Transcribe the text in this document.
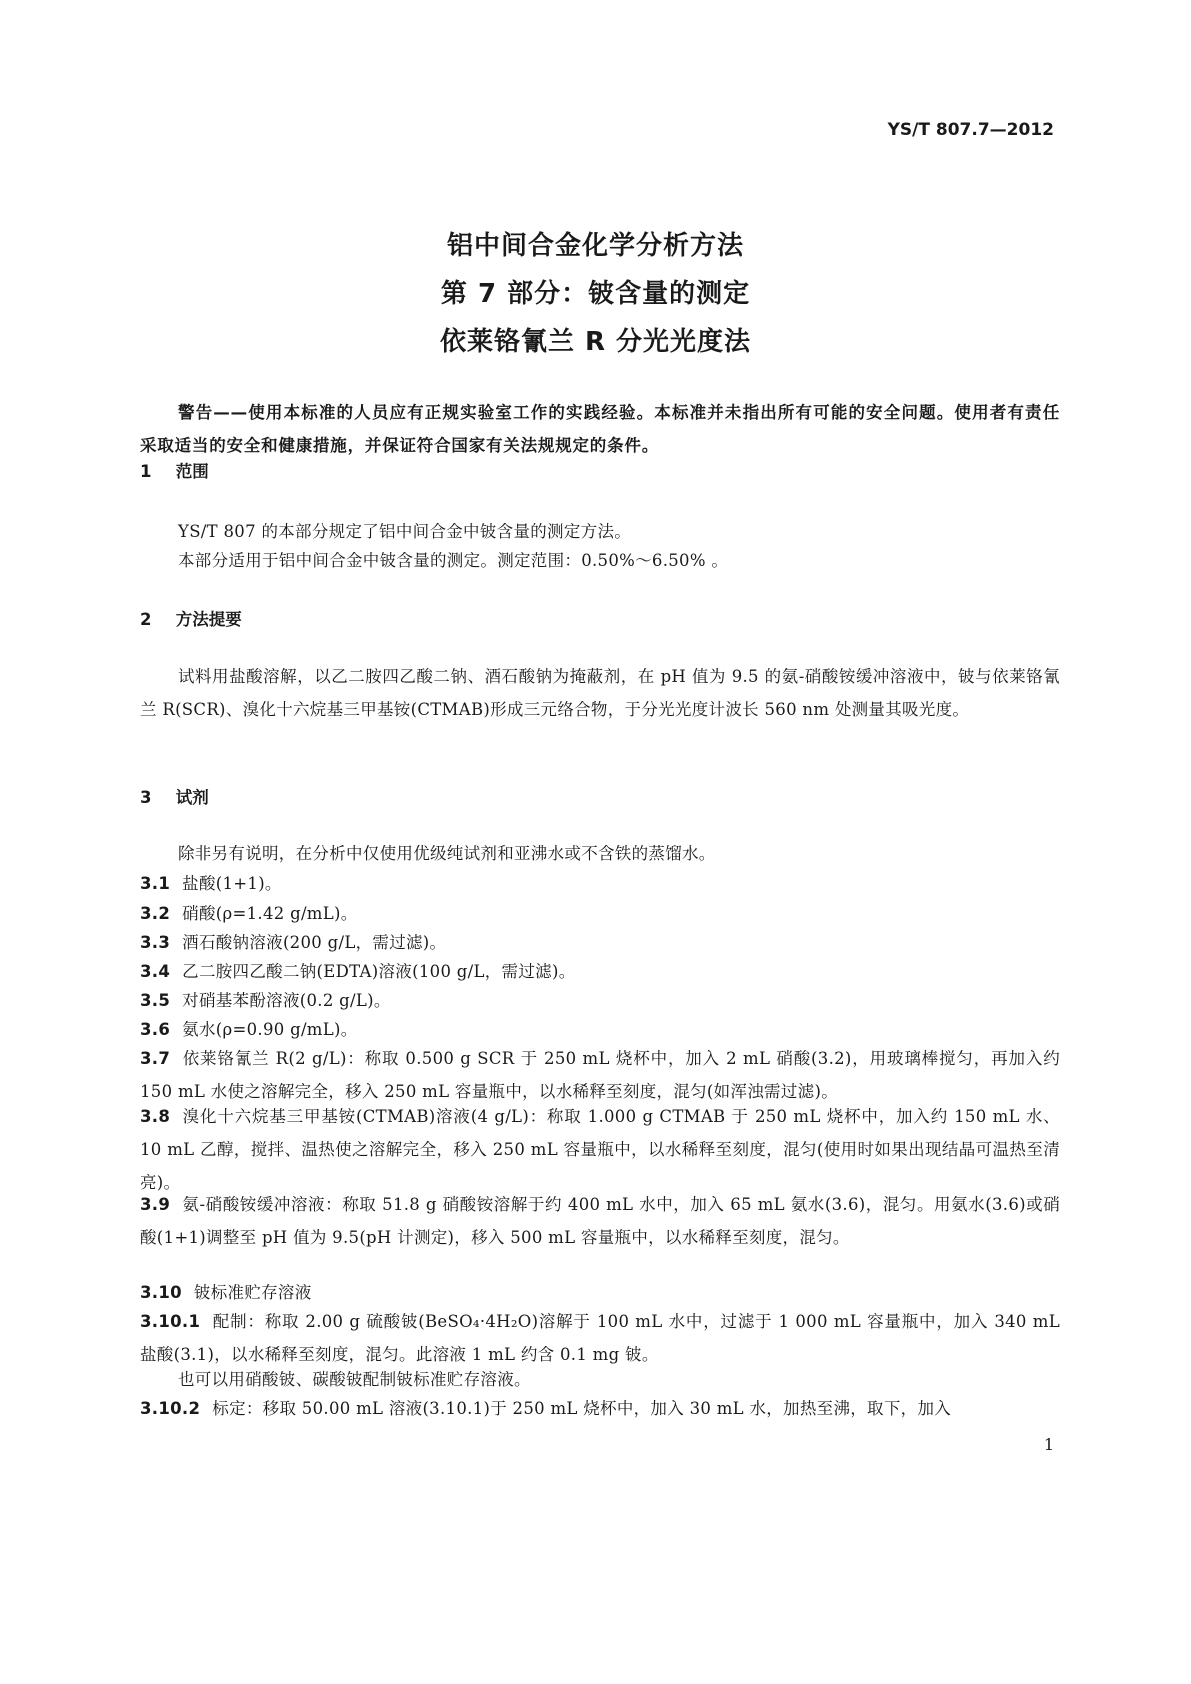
YS/T 807.7—2012
铝中间合金化学分析方法
第 7 部分：铍含量的测定
依莱铬氰兰 R 分光光度法
警告——使用本标准的人员应有正规实验室工作的实践经验。本标准并未指出所有可能的安全问题。使用者有责任采取适当的安全和健康措施，并保证符合国家有关法规规定的条件。
1 范围
YS/T 807 的本部分规定了铝中间合金中铍含量的测定方法。
本部分适用于铝中间合金中铍含量的测定。测定范围：0.50%～6.50% 。
2 方法提要
试料用盐酸溶解，以乙二胺四乙酸二钠、酒石酸钠为掩蔽剂，在 pH 值为 9.5 的氨-硝酸铵缓冲溶液中，铍与依莱铬氰兰 R(SCR)、溴化十六烷基三甲基铵(CTMAB)形成三元络合物，于分光光度计波长 560 nm 处测量其吸光度。
3 试剂
除非另有说明，在分析中仅使用优级纯试剂和亚沸水或不含铁的蒸馏水。
3.1 盐酸(1+1)。
3.2 硝酸(ρ=1.42 g/mL)。
3.3 酒石酸钠溶液(200 g/L，需过滤)。
3.4 乙二胺四乙酸二钠(EDTA)溶液(100 g/L，需过滤)。
3.5 对硝基苯酚溶液(0.2 g/L)。
3.6 氨水(ρ=0.90 g/mL)。
3.7 依莱铬氰兰 R(2 g/L)：称取 0.500 g SCR 于 250 mL 烧杯中，加入 2 mL 硝酸(3.2)，用玻璃棒搅匀，再加入约 150 mL 水使之溶解完全，移入 250 mL 容量瓶中，以水稀释至刻度，混匀(如浑浊需过滤)。
3.8 溴化十六烷基三甲基铵(CTMAB)溶液(4 g/L)：称取 1.000 g CTMAB 于 250 mL 烧杯中，加入约 150 mL 水、10 mL 乙醇，搅拌、温热使之溶解完全，移入 250 mL 容量瓶中，以水稀释至刻度，混匀(使用时如果出现结晶可温热至清亮)。
3.9 氨-硝酸铵缓冲溶液：称取 51.8 g 硝酸铵溶解于约 400 mL 水中，加入 65 mL 氨水(3.6)，混匀。用氨水(3.6)或硝酸(1+1)调整至 pH 值为 9.5(pH 计测定)，移入 500 mL 容量瓶中，以水稀释至刻度，混匀。
3.10 铍标准贮存溶液
3.10.1 配制：称取 2.00 g 硫酸铍(BeSO₄·4H₂O)溶解于 100 mL 水中，过滤于 1 000 mL 容量瓶中，加入 340 mL 盐酸(3.1)，以水稀释至刻度，混匀。此溶液 1 mL 约含 0.1 mg 铍。
也可以用硝酸铍、碳酸铍配制铍标准贮存溶液。
3.10.2 标定：移取 50.00 mL 溶液(3.10.1)于 250 mL 烧杯中，加入 30 mL 水，加热至沸，取下，加入
1
